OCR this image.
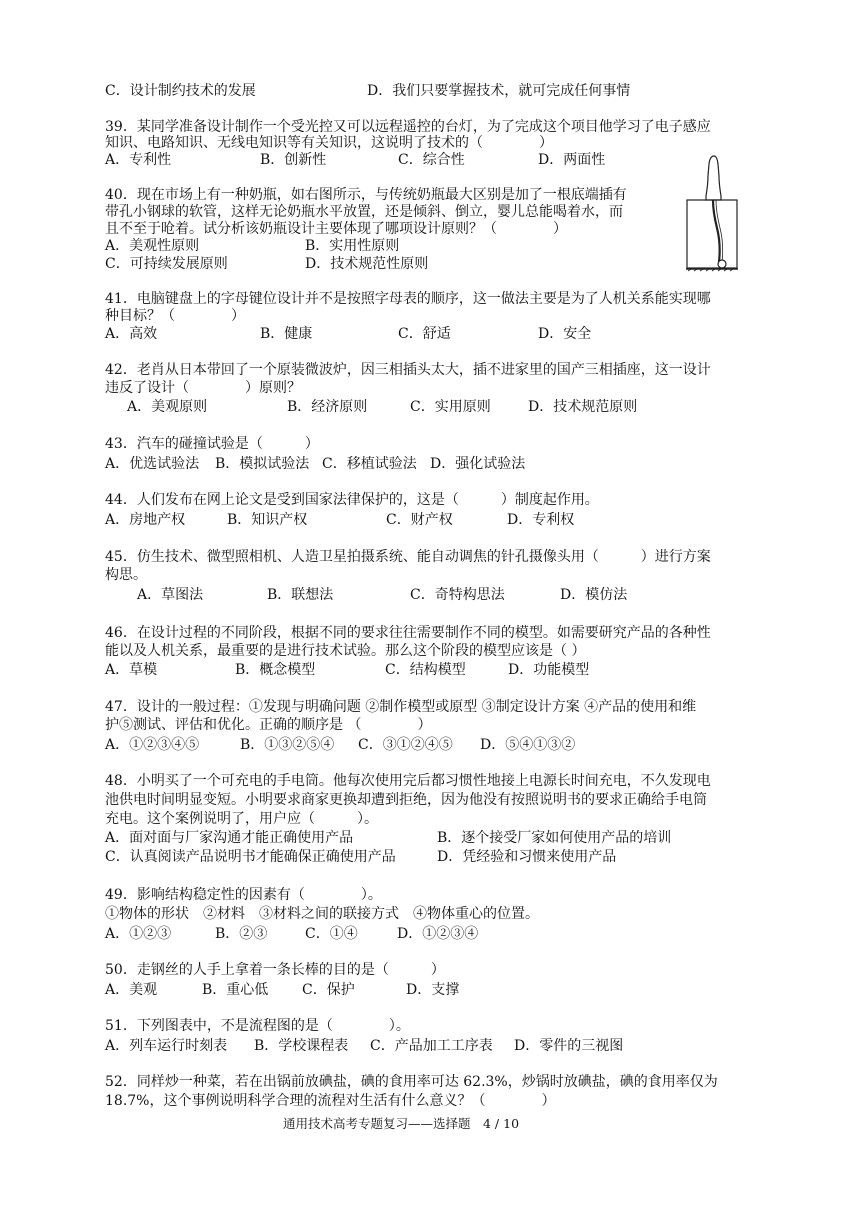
C．设计制约技术的发展	D．我们只要掌握技术，就可完成任何事情
39．某同学准备设计制作一个受光控又可以远程遥控的台灯，为了完成这个项目他学习了电子感应
知识、电路知识、无线电知识等有关知识，这说明了技术的（　　　　）
A．专利性	B．创新性	C．综合性	D．两面性
40．现在市场上有一种奶瓶，如右图所示，与传统奶瓶最大区别是加了一根底端插有
带孔小钢球的软管，这样无论奶瓶水平放置，还是倾斜、倒立，婴儿总能喝着水，而
且不至于呛着。试分析该奶瓶设计主要体现了哪项设计原则？（　　　　）
A．美观性原则	B．实用性原则
C．可持续发展原则	D．技术规范性原则
41．电脑键盘上的字母键位设计并不是按照字母表的顺序，这一做法主要是为了人机关系能实现哪
种目标？（　　　　）
A．高效	B．健康	C．舒适	D．安全
42．老肖从日本带回了一个原装微波炉，因三相插头太大，插不进家里的国产三相插座，这一设计
违反了设计（　　　　）原则？
A．美观原则	B．经济原则	C．实用原则	D．技术规范原则
43．汽车的碰撞试验是（　　　）
A．优选试验法 B．模拟试验法 C．移植试验法 D．强化试验法
44．人们发布在网上论文是受到国家法律保护的，这是（　　　）制度起作用。
A．房地产权	B．知识产权	C．财产权	D．专利权
45．仿生技术、微型照相机、人造卫星拍摄系统、能自动调焦的针孔摄像头用（　　　）进行方案
构思。
A．草图法	B．联想法	C．奇特构思法	D．模仿法
46．在设计过程的不同阶段，根据不同的要求往往需要制作不同的模型。如需要研究产品的各种性
能以及人机关系，最重要的是进行技术试验。那么这个阶段的模型应该是（ ）
A．草模	B．概念模型	C．结构模型	D．功能模型
47．设计的一般过程：①发现与明确问题 ②制作模型或原型 ③制定设计方案 ④产品的使用和维
护⑤测试、评估和优化。正确的顺序是 （　　　　）
A．①②③④⑤	B．①③②⑤④ C．③①②④⑤ D．⑤④①③②
48．小明买了一个可充电的手电筒。他每次使用完后都习惯性地接上电源长时间充电，不久发现电
池供电时间明显变短。小明要求商家更换却遭到拒绝，因为他没有按照说明书的要求正确给手电筒
充电。这个案例说明了，用户应（　　　）。
A．面对面与厂家沟通才能正确使用产品	B．逐个接受厂家如何使用产品的培训
C．认真阅读产品说明书才能确保正确使用产品	D．凭经验和习惯来使用产品
49．影响结构稳定性的因素有（　　　　）。
①物体的形状　②材料　③材料之间的联接方式　④物体重心的位置。
A．①②③	B．②③	C．①④	D．①②③④
50．走钢丝的人手上拿着一条长棒的目的是（　　　）
A．美观	B．重心低 C．保护	D．支撑
51．下列图表中，不是流程图的是（　　　　）。
A．列车运行时刻表 B．学校课程表 C．产品加工工序表 D．零件的三视图
52．同样炒一种菜，若在出锅前放碘盐，碘的食用率可达 62.3%，炒锅时放碘盐，碘的食用率仅为
18.7%，这个事例说明科学合理的流程对生活有什么意义？（　　　　）
通用技术高考专题复习——选择题　4 / 10
